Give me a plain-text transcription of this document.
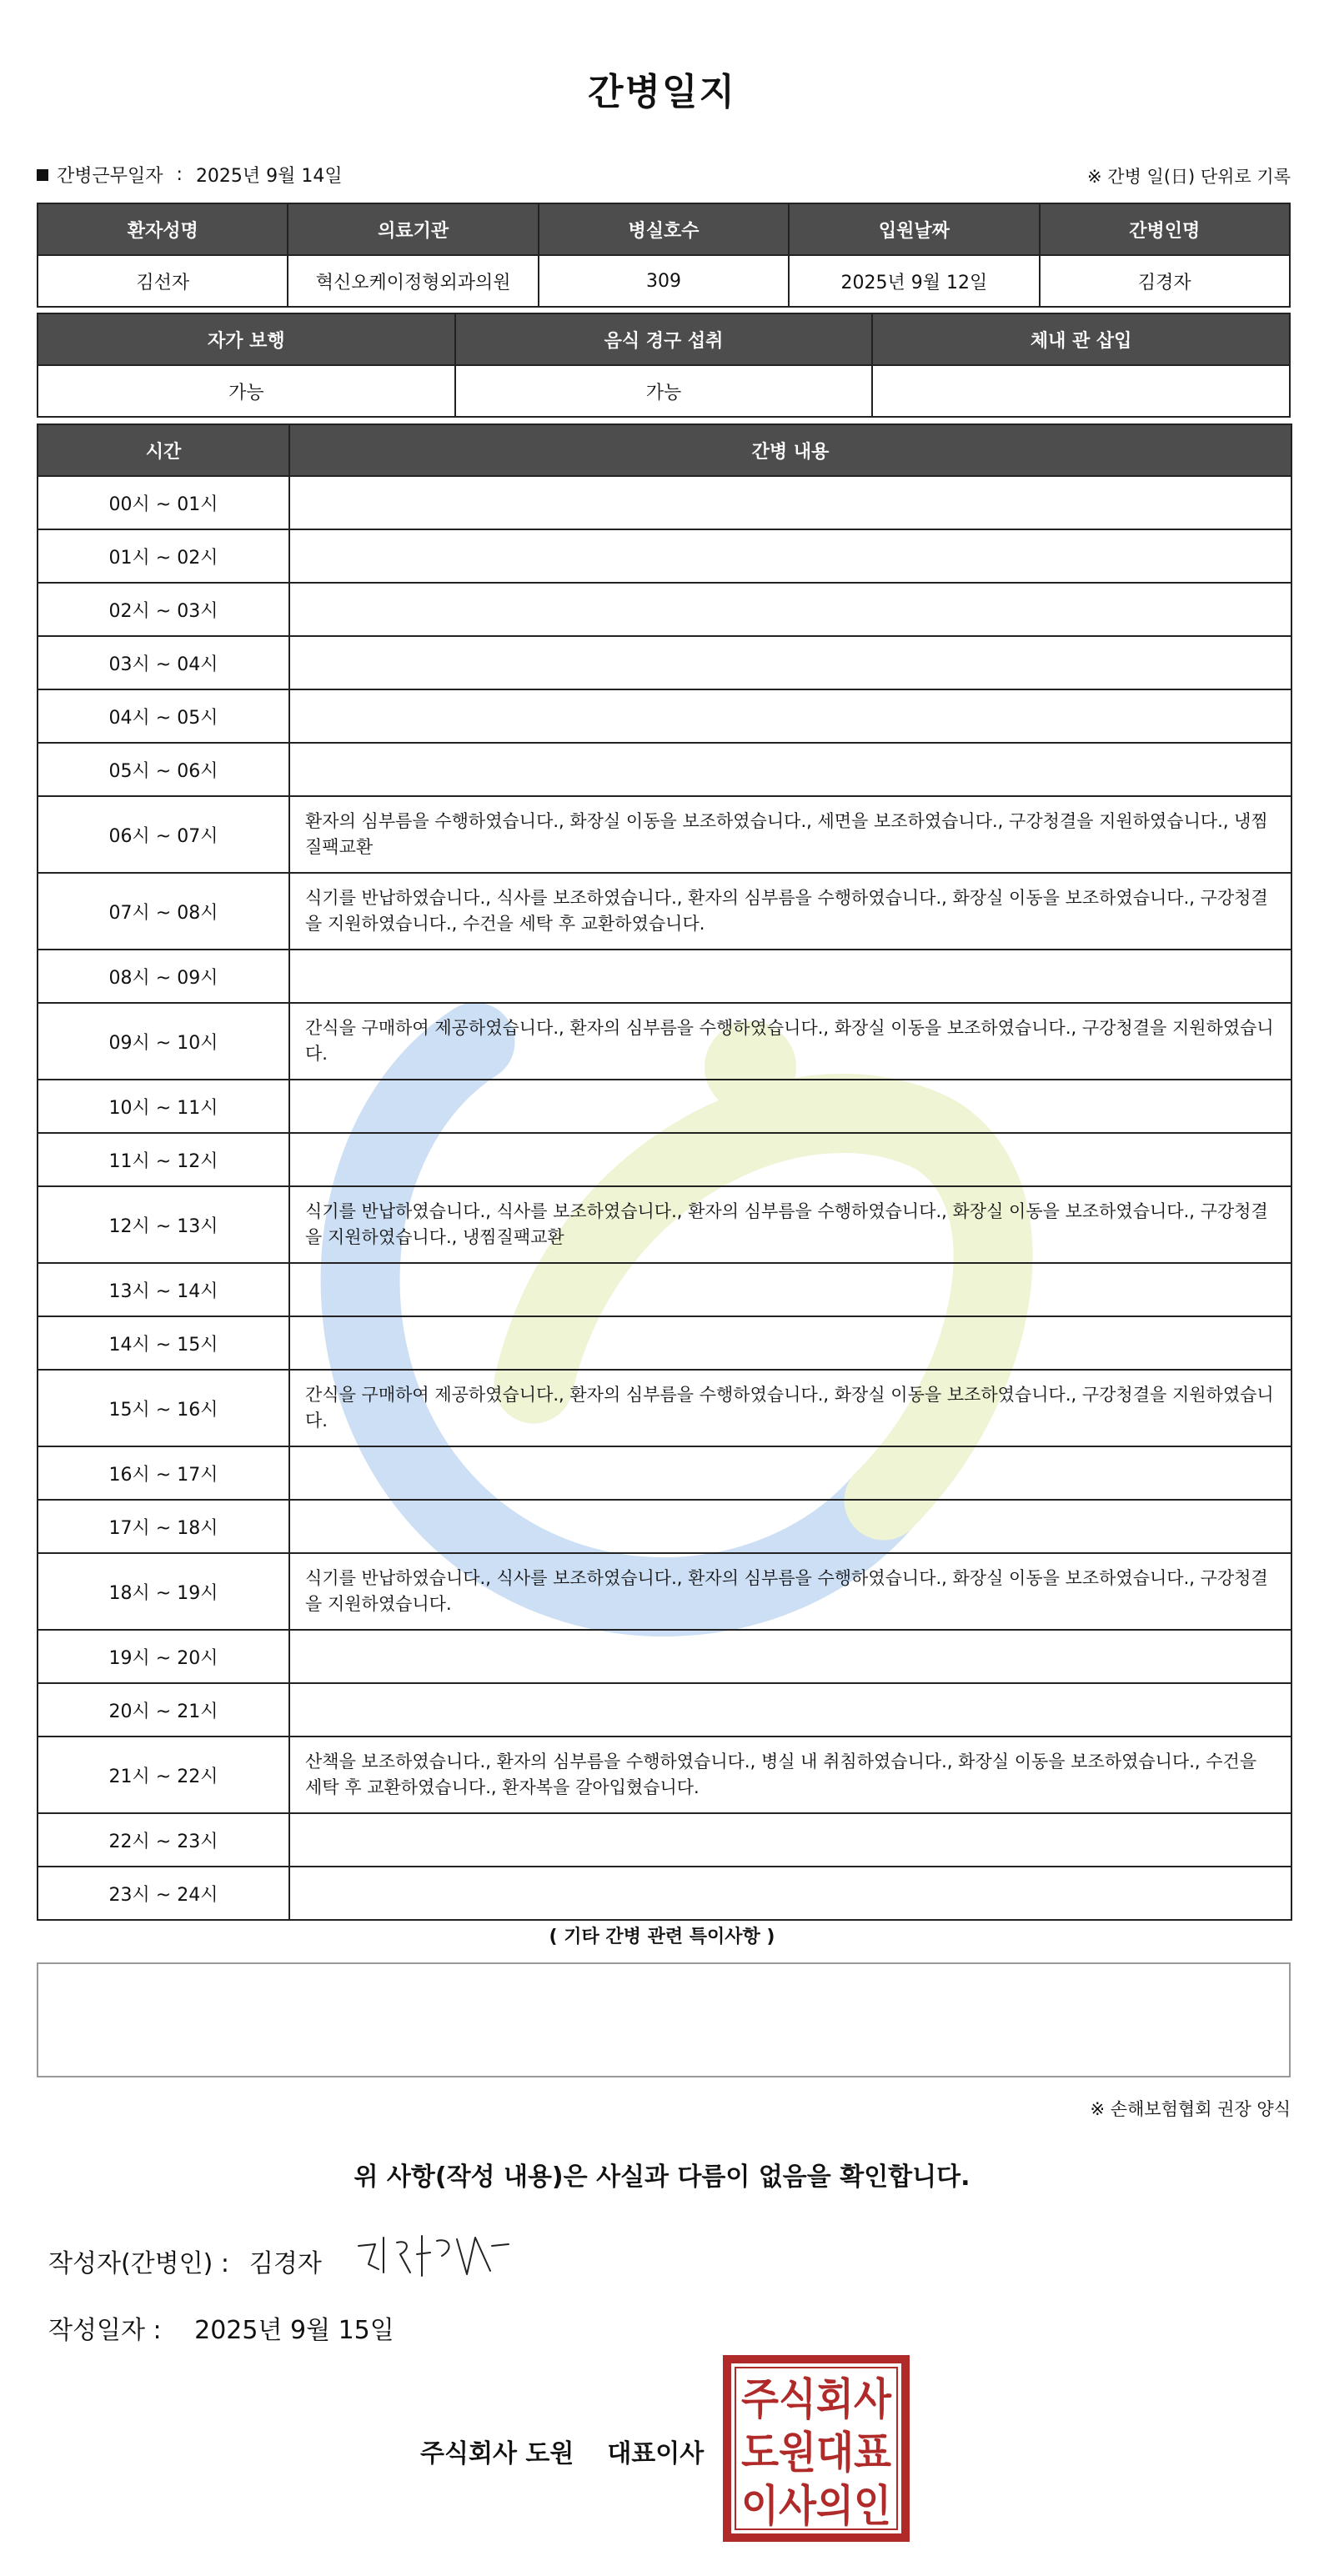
간병일지
간병근무일자 : 2025년 9월 14일	※ 간병 일(日) 단위로 기록
환자성명	의료기관	병실호수	입원날짜	간병인명
김선자	혁신오케이정형외과의원	309	2025년 9월 12일	김경자
자가 보행	음식 경구 섭취	체내 관 삽입
가능	가능	
시간	간병 내용
00시 ~ 01시	
01시 ~ 02시	
02시 ~ 03시	
03시 ~ 04시	
04시 ~ 05시	
05시 ~ 06시	
06시 ~ 07시	환자의 심부름을 수행하였습니다., 화장실 이동을 보조하였습니다., 세면을 보조하였습니다., 구강청결을 지원하였습니다., 냉찜질팩교환
07시 ~ 08시	식기를 반납하였습니다., 식사를 보조하였습니다., 환자의 심부름을 수행하였습니다., 화장실 이동을 보조하였습니다., 구강청결을 지원하였습니다., 수건을 세탁 후 교환하였습니다.
08시 ~ 09시	
09시 ~ 10시	간식을 구매하여 제공하였습니다., 환자의 심부름을 수행하였습니다., 화장실 이동을 보조하였습니다., 구강청결을 지원하였습니다.
10시 ~ 11시	
11시 ~ 12시	
12시 ~ 13시	식기를 반납하였습니다., 식사를 보조하였습니다., 환자의 심부름을 수행하였습니다., 화장실 이동을 보조하였습니다., 구강청결을 지원하였습니다., 냉찜질팩교환
13시 ~ 14시	
14시 ~ 15시	
15시 ~ 16시	간식을 구매하여 제공하였습니다., 환자의 심부름을 수행하였습니다., 화장실 이동을 보조하였습니다., 구강청결을 지원하였습니다.
16시 ~ 17시	
17시 ~ 18시	
18시 ~ 19시	식기를 반납하였습니다., 식사를 보조하였습니다., 환자의 심부름을 수행하였습니다., 화장실 이동을 보조하였습니다., 구강청결을 지원하였습니다.
19시 ~ 20시	
20시 ~ 21시	
21시 ~ 22시	산책을 보조하였습니다., 환자의 심부름을 수행하였습니다., 병실 내 취침하였습니다., 화장실 이동을 보조하였습니다., 수건을 세탁 후 교환하였습니다., 환자복을 갈아입혔습니다.
22시 ~ 23시	
23시 ~ 24시	
( 기타 간병 관련 특이사항 )
※ 손해보험협회 권장 양식
위 사항(작성 내용)은 사실과 다름이 없음을 확인합니다.
작성자(간병인) : 김경자
작성일자 : 2025년 9월 15일
주식회사 도원 대표이사
주식회사
도원대표
이사의인
